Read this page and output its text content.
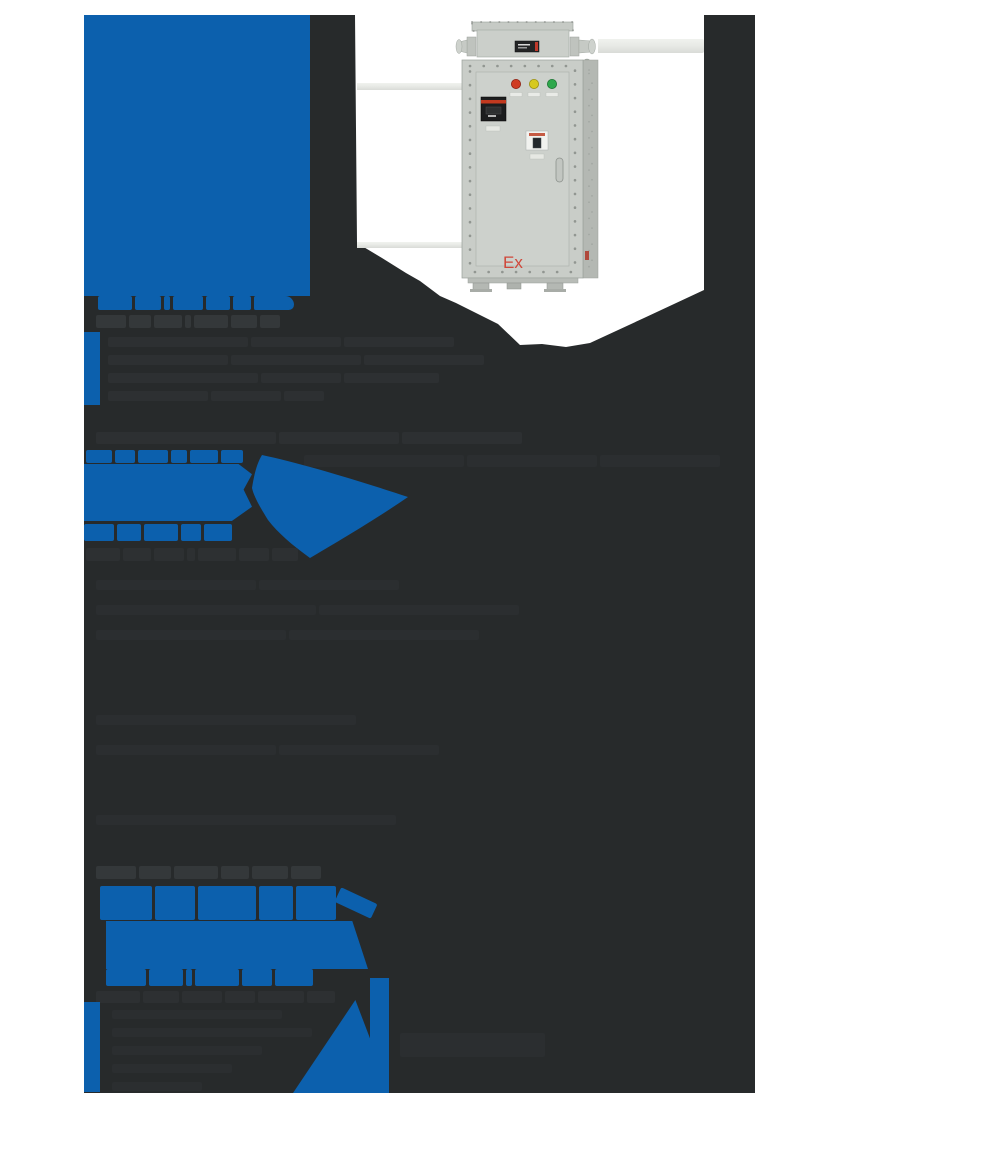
Ex
